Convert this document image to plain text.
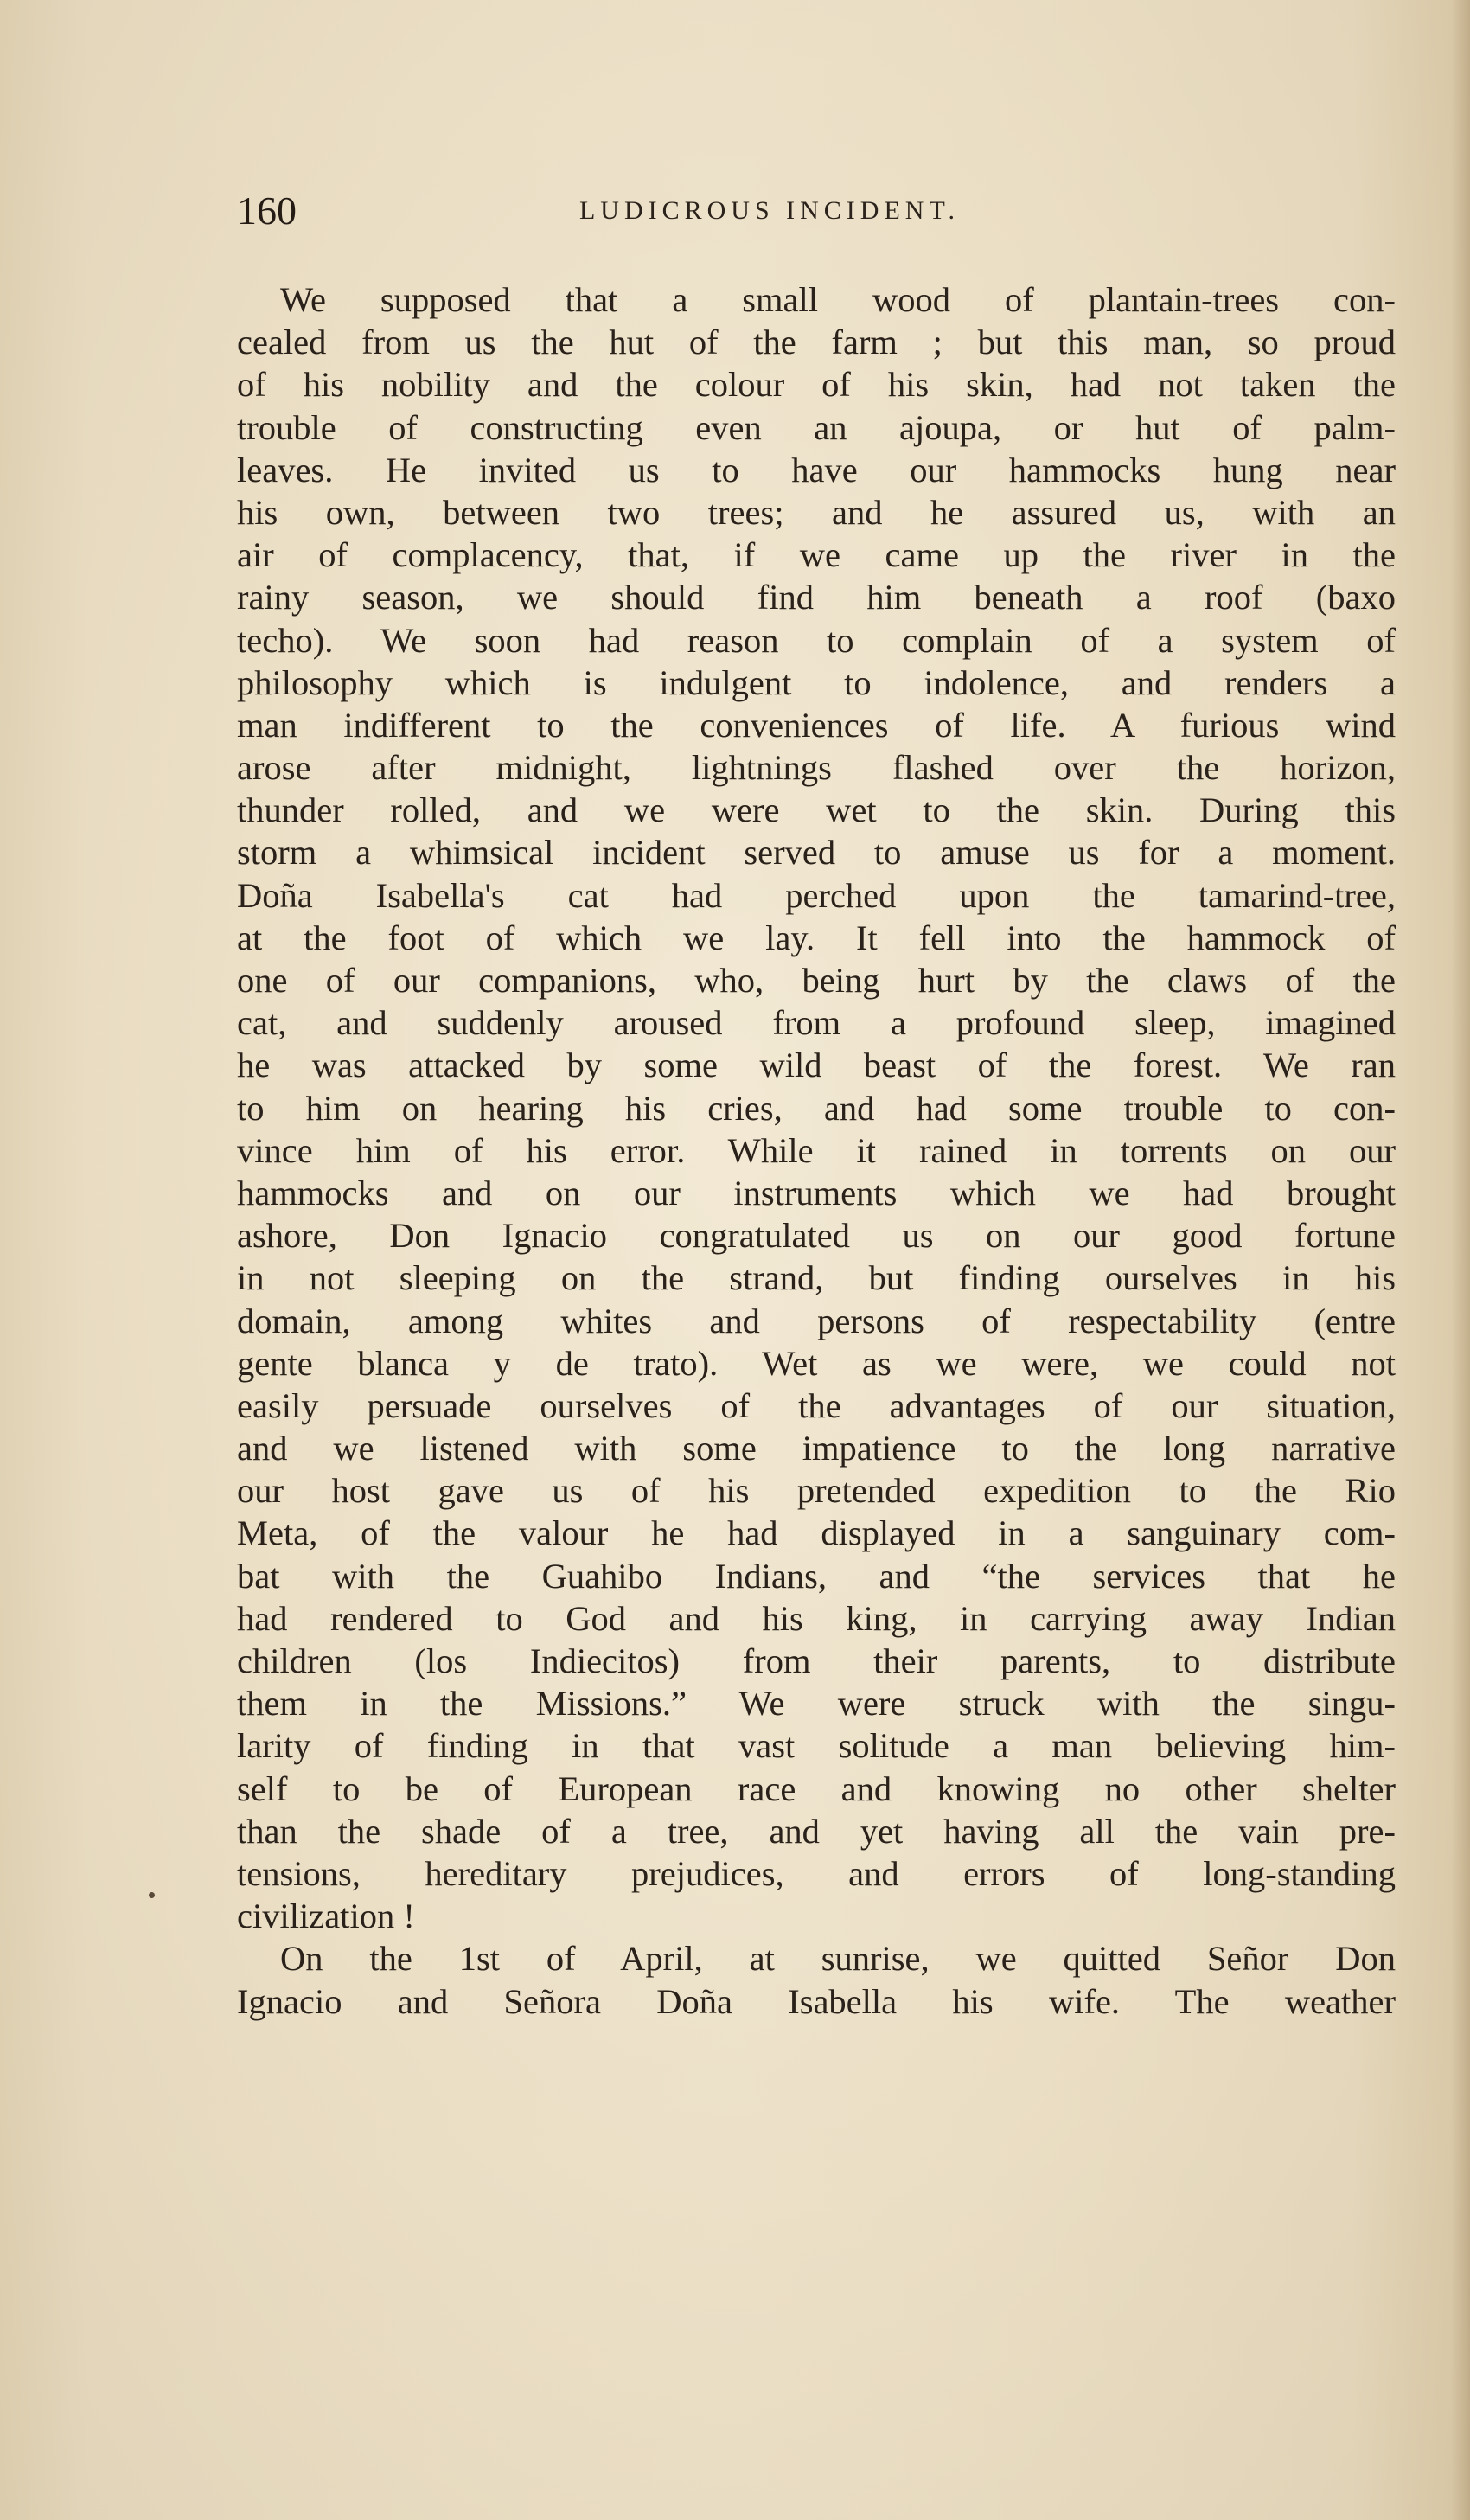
160	LUDICROUS INCIDENT.
We supposed that a small wood of plantain-trees con-
cealed from us the hut of the farm ; but this man, so proud
of his nobility and the colour of his skin, had not taken the
trouble of constructing even an ajoupa, or hut of palm-
leaves. He invited us to have our hammocks hung near
his own, between two trees; and he assured us, with an
air of complacency, that, if we came up the river in the
rainy season, we should find him beneath a roof (baxo
techo). We soon had reason to complain of a system of
philosophy which is indulgent to indolence, and renders a
man indifferent to the conveniences of life. A furious wind
arose after midnight, lightnings flashed over the horizon,
thunder rolled, and we were wet to the skin. During this
storm a whimsical incident served to amuse us for a moment.
Doña Isabella's cat had perched upon the tamarind-tree,
at the foot of which we lay. It fell into the hammock of
one of our companions, who, being hurt by the claws of the
cat, and suddenly aroused from a profound sleep, imagined
he was attacked by some wild beast of the forest. We ran
to him on hearing his cries, and had some trouble to con-
vince him of his error. While it rained in torrents on our
hammocks and on our instruments which we had brought
ashore, Don Ignacio congratulated us on our good fortune
in not sleeping on the strand, but finding ourselves in his
domain, among whites and persons of respectability (entre
gente blanca y de trato). Wet as we were, we could not
easily persuade ourselves of the advantages of our situation,
and we listened with some impatience to the long narrative
our host gave us of his pretended expedition to the Rio
Meta, of the valour he had displayed in a sanguinary com-
bat with the Guahibo Indians, and “the services that he
had rendered to God and his king, in carrying away Indian
children (los Indiecitos) from their parents, to distribute
them in the Missions.” We were struck with the singu-
larity of finding in that vast solitude a man believing him-
self to be of European race and knowing no other shelter
than the shade of a tree, and yet having all the vain pre-
tensions, hereditary prejudices, and errors of long-standing
civilization !
On the 1st of April, at sunrise, we quitted Señor Don
Ignacio and Señora Doña Isabella his wife. The weather
